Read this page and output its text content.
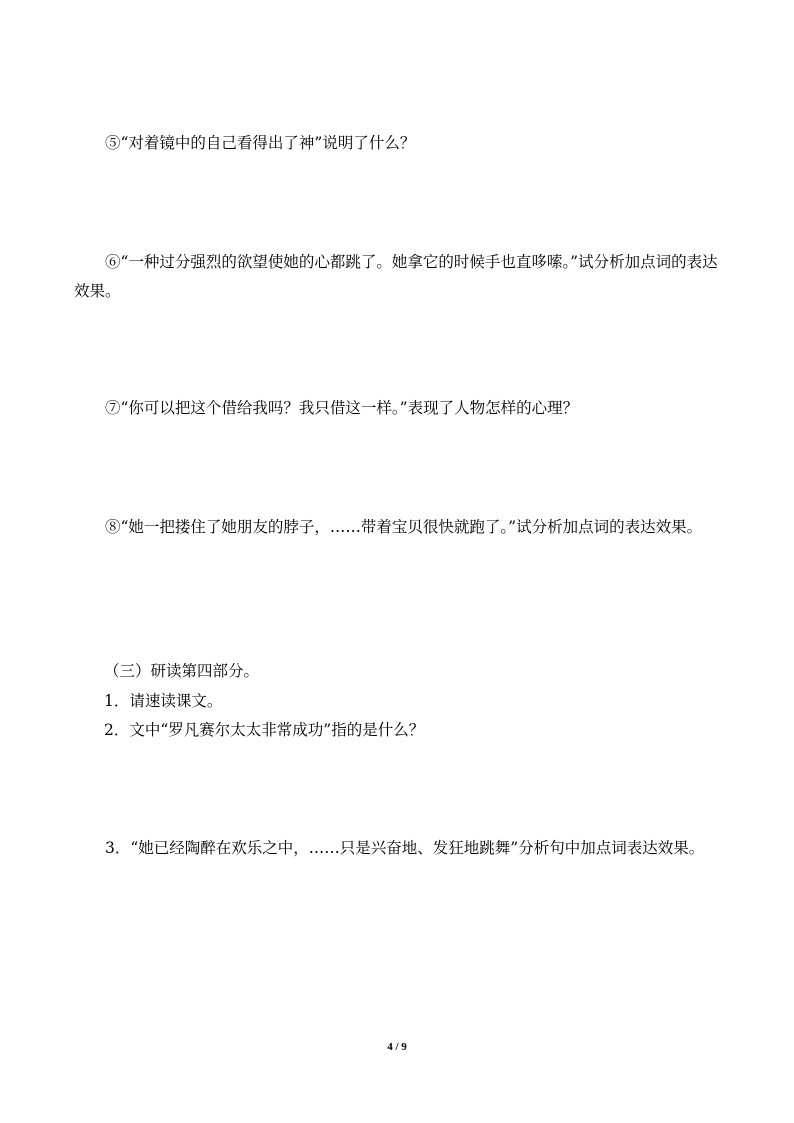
⑤“对着镜中的自己看得出了神”说明了什么？

⑥“一种过分强烈的欲望使她的心都跳了。她拿它的时候手也直哆嗦。”试分析加点词的表达效果。

⑦“你可以把这个借给我吗？我只借这一样。”表现了人物怎样的心理？

⑧“她一把搂住了她朋友的脖子，……带着宝贝很快就跑了。”试分析加点词的表达效果。

（三）研读第四部分。

1．请速读课文。

2．文中“罗凡赛尔太太非常成功”指的是什么？

3．“她已经陶醉在欢乐之中，……只是兴奋地、发狂地跳舞”分析句中加点词表达效果。

4 / 9
